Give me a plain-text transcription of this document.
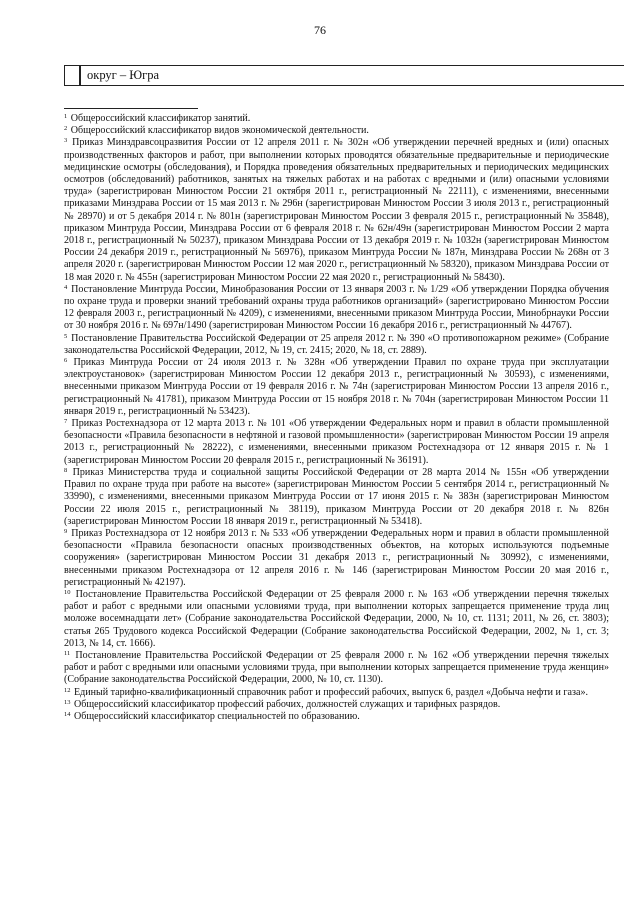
76
округ – Югра

$^1$ Общероссийский классификатор занятий.

$^2$ Общероссийский классификатор видов экономической деятельности.

$^3$ Приказ Минздравсоцразвития России от 12 апреля 2011 г. № 302н «Об утверждении перечней вредных и (или) опасных производственных факторов и работ, при выполнении которых проводятся обязательные предварительные и периодические медицинские осмотры (обследования), и Порядка проведения обязательных предварительных и периодических медицинских осмотров (обследований) работников, занятых на тяжелых работах и на работах с вредными и (или) опасными условиями труда» (зарегистрирован Минюстом России 21 октября 2011 г., регистрационный № 22111), с изменениями, внесенными приказами Минздрава России от 15 мая 2013 г. № 296н (зарегистрирован Минюстом России 3 июля 2013 г., регистрационный № 28970) и от 5 декабря 2014 г. № 801н (зарегистрирован Минюстом России 3 февраля 2015 г., регистрационный № 35848), приказом Минтруда России, Минздрава России от 6 февраля 2018 г. № 62н/49н (зарегистрирован Минюстом России 2 марта 2018 г., регистрационный № 50237), приказом Минздрава России от 13 декабря 2019 г. № 1032н (зарегистрирован Минюстом России 24 декабря 2019 г., регистрационный № 56976), приказом Минтруда России № 187н, Минздрава России № 268н от 3 апреля 2020 г. (зарегистрирован Минюстом России 12 мая 2020 г., регистрационный № 58320), приказом Минздрава России от 18 мая 2020 г. № 455н (зарегистрирован Минюстом России 22 мая 2020 г., регистрационный № 58430).

$^4$ Постановление Минтруда России, Минобразования России от 13 января 2003 г. № 1/29 «Об утверждении Порядка обучения по охране труда и проверки знаний требований охраны труда работников организаций» (зарегистрировано Минюстом России 12 февраля 2003 г., регистрационный № 4209), с изменениями, внесенными приказом Минтруда России, Минобрнауки России от 30 ноября 2016 г. № 697н/1490 (зарегистрирован Минюстом России 16 декабря 2016 г., регистрационный № 44767).

$^5$ Постановление Правительства Российской Федерации от 25 апреля 2012 г. № 390 «О противопожарном режиме» (Собрание законодательства Российской Федерации, 2012, № 19, ст. 2415; 2020, № 18, ст. 2889).

$^6$ Приказ Минтруда России от 24 июля 2013 г. № 328н «Об утверждении Правил по охране труда при эксплуатации электроустановок» (зарегистрирован Минюстом России 12 декабря 2013 г., регистрационный № 30593), с изменениями, внесенными приказом Минтруда России от 19 февраля 2016 г. № 74н (зарегистрирован Минюстом России 13 апреля 2016 г., регистрационный № 41781), приказом Минтруда России от 15 ноября 2018 г. № 704н (зарегистрирован Минюстом России 11 января 2019 г., регистрационный № 53423).

$^7$ Приказ Ростехнадзора от 12 марта 2013 г. № 101 «Об утверждении Федеральных норм и правил в области промышленной безопасности «Правила безопасности в нефтяной и газовой промышленности» (зарегистрирован Минюстом России 19 апреля 2013 г., регистрационный № 28222), с изменениями, внесенными приказом Ростехнадзора от 12 января 2015 г. № 1 (зарегистрирован Минюстом России 20 февраля 2015 г., регистрационный № 36191).

$^8$ Приказ Министерства труда и социальной защиты Российской Федерации от 28 марта 2014 № 155н «Об утверждении Правил по охране труда при работе на высоте» (зарегистрирован Минюстом России 5 сентября 2014 г., регистрационный № 33990), с изменениями, внесенными приказом Минтруда России от 17 июня 2015 г. № 383н (зарегистрирован Минюстом России 22 июля 2015 г., регистрационный № 38119), приказом Минтруда России от 20 декабря 2018 г. № 826н (зарегистрирован Минюстом России 18 января 2019 г., регистрационный № 53418).

$^9$ Приказ Ростехнадзора от 12 ноября 2013 г. № 533 «Об утверждении Федеральных норм и правил в области промышленной безопасности «Правила безопасности опасных производственных объектов, на которых используются подъемные сооружения» (зарегистрирован Минюстом России 31 декабря 2013 г., регистрационный № 30992), с изменениями, внесенными приказом Ростехнадзора от 12 апреля 2016 г. № 146 (зарегистрирован Минюстом России 20 мая 2016 г., регистрационный № 42197).

$^{10}$ Постановление Правительства Российской Федерации от 25 февраля 2000 г. № 163 «Об утверждении перечня тяжелых работ и работ с вредными или опасными условиями труда, при выполнении которых запрещается применение труда лиц моложе восемнадцати лет» (Собрание законодательства Российской Федерации, 2000, № 10, ст. 1131; 2011, № 26, ст. 3803); статья 265 Трудового кодекса Российской Федерации (Собрание законодательства Российской Федерации, 2002, № 1, ст. 3; 2013, № 14, ст. 1666).

$^{11}$ Постановление Правительства Российской Федерации от 25 февраля 2000 г. № 162 «Об утверждении перечня тяжелых работ и работ с вредными или опасными условиями труда, при выполнении которых запрещается применение труда женщин» (Собрание законодательства Российской Федерации, 2000, № 10, ст. 1130).

$^{12}$ Единый тарифно-квалификационный справочник работ и профессий рабочих, выпуск 6, раздел «Добыча нефти и газа».

$^{13}$ Общероссийский классификатор профессий рабочих, должностей служащих и тарифных разрядов.

$^{14}$ Общероссийский классификатор специальностей по образованию.
